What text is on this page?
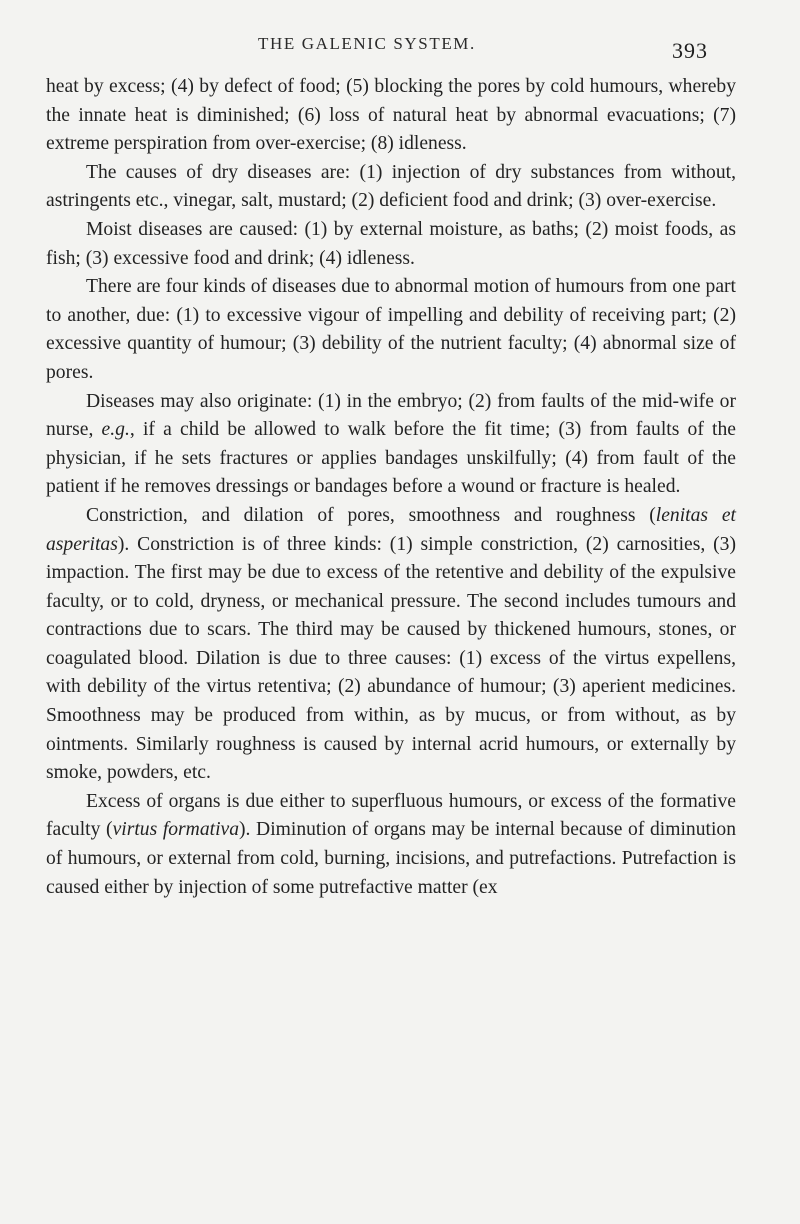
THE GALENIC SYSTEM.	393

heat by excess; (4) by defect of food; (5) blocking the pores by cold humours, whereby the innate heat is diminished; (6) loss of natural heat by abnormal evacuations; (7) extreme perspiration from over-exercise; (8) idleness.

The causes of dry diseases are: (1) injection of dry substances from without, astringents etc., vinegar, salt, mustard; (2) deficient food and drink; (3) over-exercise.

Moist diseases are caused: (1) by external moisture, as baths; (2) moist foods, as fish; (3) excessive food and drink; (4) idleness.

There are four kinds of diseases due to abnormal motion of humours from one part to another, due: (1) to excessive vigour of impelling and debility of receiving part; (2) excessive quantity of humour; (3) debility of the nutrient faculty; (4) abnormal size of pores.

Diseases may also originate: (1) in the embryo; (2) from faults of the mid-wife or nurse, e.g., if a child be allowed to walk before the fit time; (3) from faults of the physician, if he sets fractures or applies bandages unskilfully; (4) from fault of the patient if he removes dressings or bandages before a wound or fracture is healed.

Constriction, and dilation of pores, smoothness and roughness (lenitas et asperitas). Constriction is of three kinds: (1) simple constriction, (2) carnosities, (3) impaction. The first may be due to excess of the retentive and debility of the expulsive faculty, or to cold, dryness, or mechanical pressure. The second includes tumours and contractions due to scars. The third may be caused by thickened humours, stones, or coagulated blood. Dilation is due to three causes: (1) excess of the virtus expellens, with debility of the virtus retentiva; (2) abundance of humour; (3) aperient medicines. Smoothness may be produced from within, as by mucus, or from without, as by ointments. Similarly roughness is caused by internal acrid humours, or externally by smoke, powders, etc.

Excess of organs is due either to superfluous humours, or excess of the formative faculty (virtus formativa). Diminution of organs may be internal because of diminution of humours, or external from cold, burning, incisions, and putrefactions. Putrefaction is caused either by injection of some putrefactive matter (ex
